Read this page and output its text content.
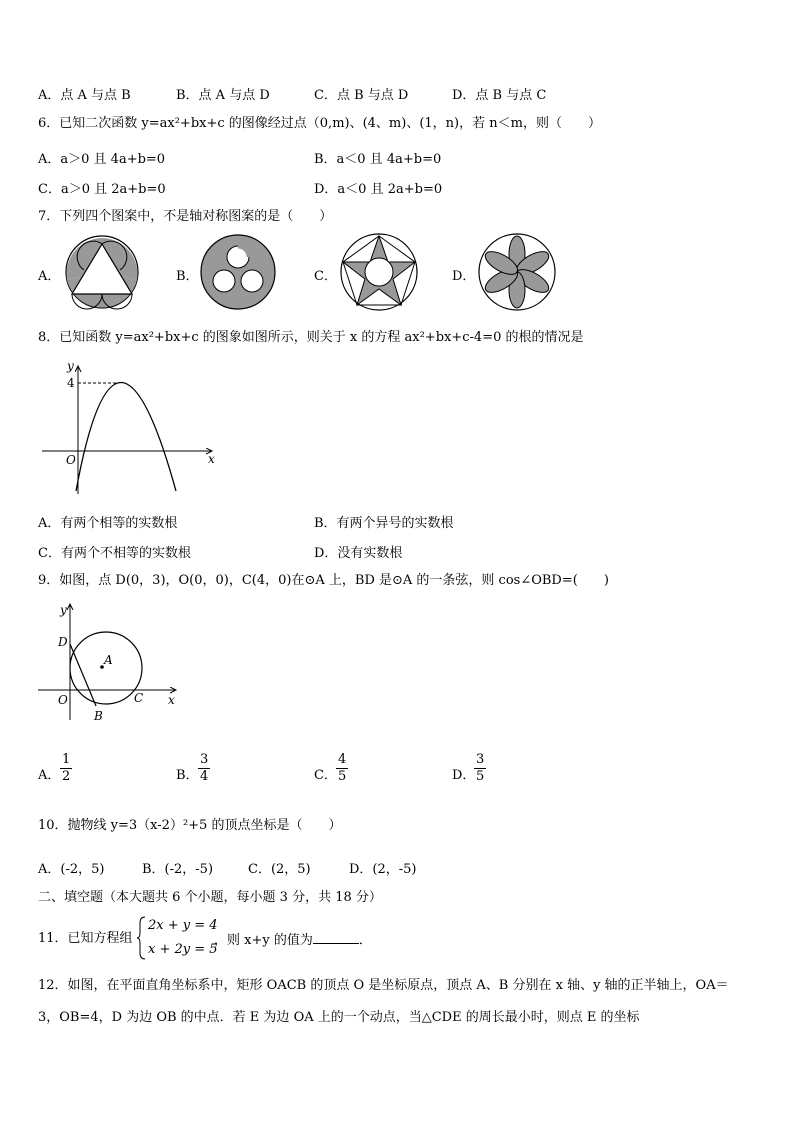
A．点 A 与点 B	B．点 A 与点 D	C．点 B 与点 D	D．点 B 与点 C
6．已知二次函数 y=ax²+bx+c 的图像经过点（0,m)、(4、m)、(1，n)，若 n＜m，则（　　）
A．a＞0 且 4a+b=0	B．a＜0 且 4a+b=0
C．a＞0 且 2a+b=0	D．a＜0 且 2a+b=0
7．下列四个图案中，不是轴对称图案的是（　　）
A．	B．	C．	D．
8．已知函数 y=ax²+bx+c 的图象如图所示，则关于 x 的方程 ax²+bx+c-4=0 的根的情况是
y
x
O
4
A．有两个相等的实数根	B．有两个异号的实数根
C．有两个不相等的实数根	D．没有实数根
9．如图，点 D(0，3)，O(0，0)，C(4，0)在⊙A 上，BD 是⊙A 的一条弦，则 cos∠OBD=(　　)
y
x
D
A
O
B
C
A． $\frac{1}{2}$	B． $\frac{3}{4}$	C． $\frac{4}{5}$	D．
$\frac{3}{5}$
10．抛物线 y=3（x-2）²+5 的顶点坐标是（　　）
A．(-2，5)	B．(-2，-5)	C．(2，5)	D．(2，-5)
二、填空题（本大题共 6 个小题，每小题 3 分，共 18 分）
11．已知方程组
2x + y = 4
x + 2y = 5
，则 x+y 的值为	．
12．如图，在平面直角坐标系中，矩形 OACB 的顶点 O 是坐标原点，顶点 A、B 分别在 x 轴、y 轴的正半轴上，OA＝
3，OB=4，D 为边 OB 的中点．若 E 为边 OA 上的一个动点，当△CDE 的周长最小时，则点 E 的坐标
